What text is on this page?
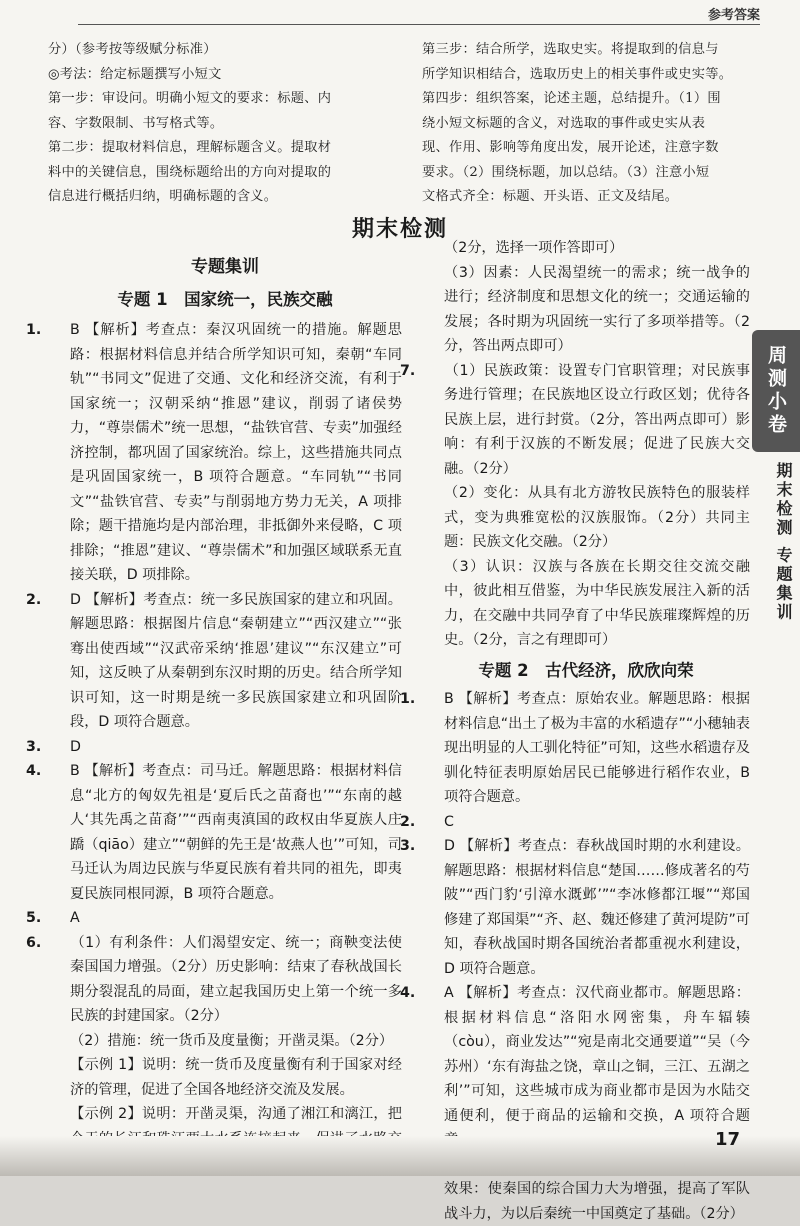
参考答案
分）（参考按等级赋分标准）
◎考法：给定标题撰写小短文
第一步：审设问。明确小短文的要求：标题、内
容、字数限制、书写格式等。
第二步：提取材料信息，理解标题含义。提取材
料中的关键信息，围绕标题给出的方向对提取的
信息进行概括归纳，明确标题的含义。
第三步：结合所学，选取史实。将提取到的信息与
所学知识相结合，选取历史上的相关事件或史实等。
第四步：组织答案，论述主题，总结提升。（1）围
绕小短文标题的含义，对选取的事件或史实从表
现、作用、影响等角度出发，展开论述，注意字数
要求。（2）围绕标题，加以总结。（3）注意小短
文格式齐全：标题、开头语、正文及结尾。
期末检测
专题集训
专题 1　国家统一，民族交融
1. B 【解析】考查点：秦汉巩固统一的措施。解题思路：根据材料信息并结合所学知识可知，秦朝“车同轨”“书同文”促进了交通、文化和经济交流，有利于国家统一；汉朝采纳“推恩”建议，削弱了诸侯势力，“尊崇儒术”统一思想，“盐铁官营、专卖”加强经济控制，都巩固了国家统治。综上，这些措施共同点是巩固国家统一，B 项符合题意。“车同轨”“书同文”“盐铁官营、专卖”与削弱地方势力无关，A 项排除；题干措施均是内部治理，非抵御外来侵略，C 项排除；“推恩”建议、“尊崇儒术”和加强区域联系无直接关联，D 项排除。
2. D 【解析】考查点：统一多民族国家的建立和巩固。解题思路：根据图片信息“秦朝建立”“西汉建立”“张骞出使西域”“汉武帝采纳‘推恩’建议”“东汉建立”可知，这反映了从秦朝到东汉时期的历史。结合所学知识可知，这一时期是统一多民族国家建立和巩固阶段，D 项符合题意。
3. D
4. B 【解析】考查点：司马迁。解题思路：根据材料信息“北方的匈奴先祖是‘夏后氏之苗裔也’”“东南的越人‘其先禹之苗裔’”“西南夷滇国的政权由华夏族人庄蹻（qiāo）建立”“朝鲜的先王是‘故燕人也’”可知，司马迁认为周边民族与华夏民族有着共同的祖先，即夷夏民族同根同源，B 项符合题意。
5. A
6. （1）有利条件：人们渴望安定、统一；商鞅变法使秦国国力增强。（2分）历史影响：结束了春秋战国长期分裂混乱的局面，建立起我国历史上第一个统一多民族的封建国家。（2分）
（2）措施：统一货币及度量衡；开凿灵渠。（2分）
【示例 1】说明：统一货币及度量衡有利于国家对经济的管理，促进了全国各地经济交流及发展。
【示例 2】说明：开凿灵渠，沟通了湘江和漓江，把
（2分，选择一项作答即可）
（3）因素：人民渴望统一的需求；统一战争的进行；经济制度和思想文化的统一；交通运输的发展；各时期为巩固统一实行了多项举措等。（2分，答出两点即可）
7. （1）民族政策：设置专门官职管理；对民族事务进行管理；在民族地区设立行政区划；优待各民族上层，进行封赏。（2分，答出两点即可）影响：有利于汉族的不断发展；促进了民族大交融。（2分）
（2）变化：从具有北方游牧民族特色的服装样式，变为典雅宽松的汉族服饰。（2分）共同主题：民族文化交融。（2分）
（3）认识：汉族与各族在长期交往交流交融中，彼此相互借鉴，为中华民族发展注入新的活力，在交融中共同孕育了中华民族璀璨辉煌的历史。（2分，言之有理即可）
专题 2　古代经济，欣欣向荣
1. B 【解析】考查点：原始农业。解题思路：根据材料信息“出土了极为丰富的水稻遗存”“小穗轴表现出明显的人工驯化特征”可知，这些水稻遗存及驯化特征表明原始居民已能够进行稻作农业，B 项符合题意。
2. C
3. D 【解析】考查点：春秋战国时期的水利建设。解题思路：根据材料信息“楚国……修成著名的芍陂”“西门豹‘引漳水溉邺’”“李冰修都江堰”“郑国修建了郑国渠”“齐、赵、魏还修建了黄河堤防”可知，春秋战国时期各国统治者都重视水利建设，D 项符合题意。
4. A 【解析】考查点：汉代商业都市。解题思路：根据材料信息“洛阳水网密集，舟车辐辏（còu），商业发达”“宛是南北交通要道”“吴（今苏州）‘东有海盐之饶，章山之铜，三江、五湖之利’”可知，这些城市成为商业都市是因为水陆交通便利，便于商品的运输和交换，A 项符合题
效果：使秦国的综合国力大为增强，提高了军队战斗力，为以后秦统一中国奠定了基础。（2分）
周测小卷
期末检测 专题集训
17
